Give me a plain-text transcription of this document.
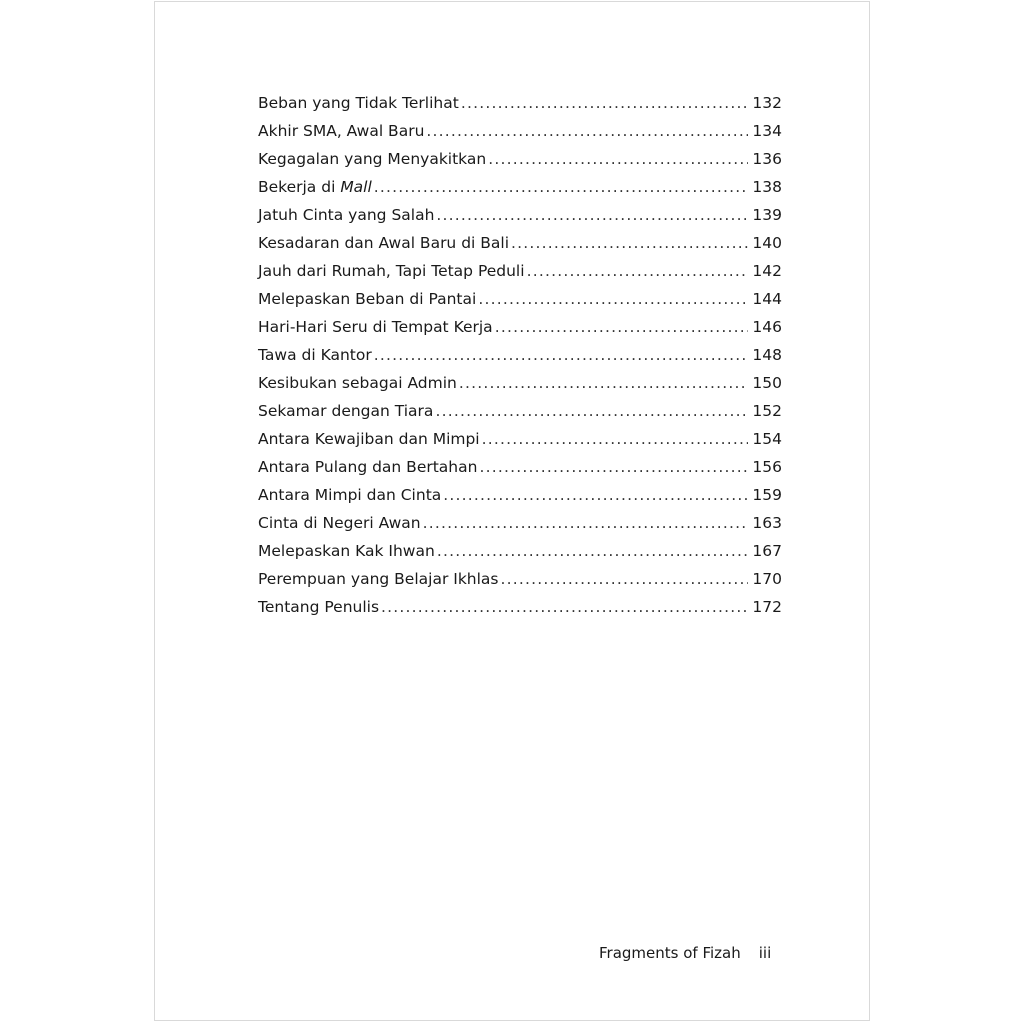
Beban yang Tidak Terlihat .....	132
Akhir SMA, Awal Baru .....	134
Kegagalan yang Menyakitkan .....	136
Bekerja di Mall .....	138
Jatuh Cinta yang Salah .....	139
Kesadaran dan Awal Baru di Bali .....	140
Jauh dari Rumah, Tapi Tetap Peduli .....	142
Melepaskan Beban di Pantai .....	144
Hari-Hari Seru di Tempat Kerja .....	146
Tawa di Kantor .....	148
Kesibukan sebagai Admin .....	150
Sekamar dengan Tiara .....	152
Antara Kewajiban dan Mimpi .....	154
Antara Pulang dan Bertahan .....	156
Antara Mimpi dan Cinta .....	159
Cinta di Negeri Awan .....	163
Melepaskan Kak Ihwan .....	167
Perempuan yang Belajar Ikhlas .....	170
Tentang Penulis .....	172
Fragments of Fizah iii
